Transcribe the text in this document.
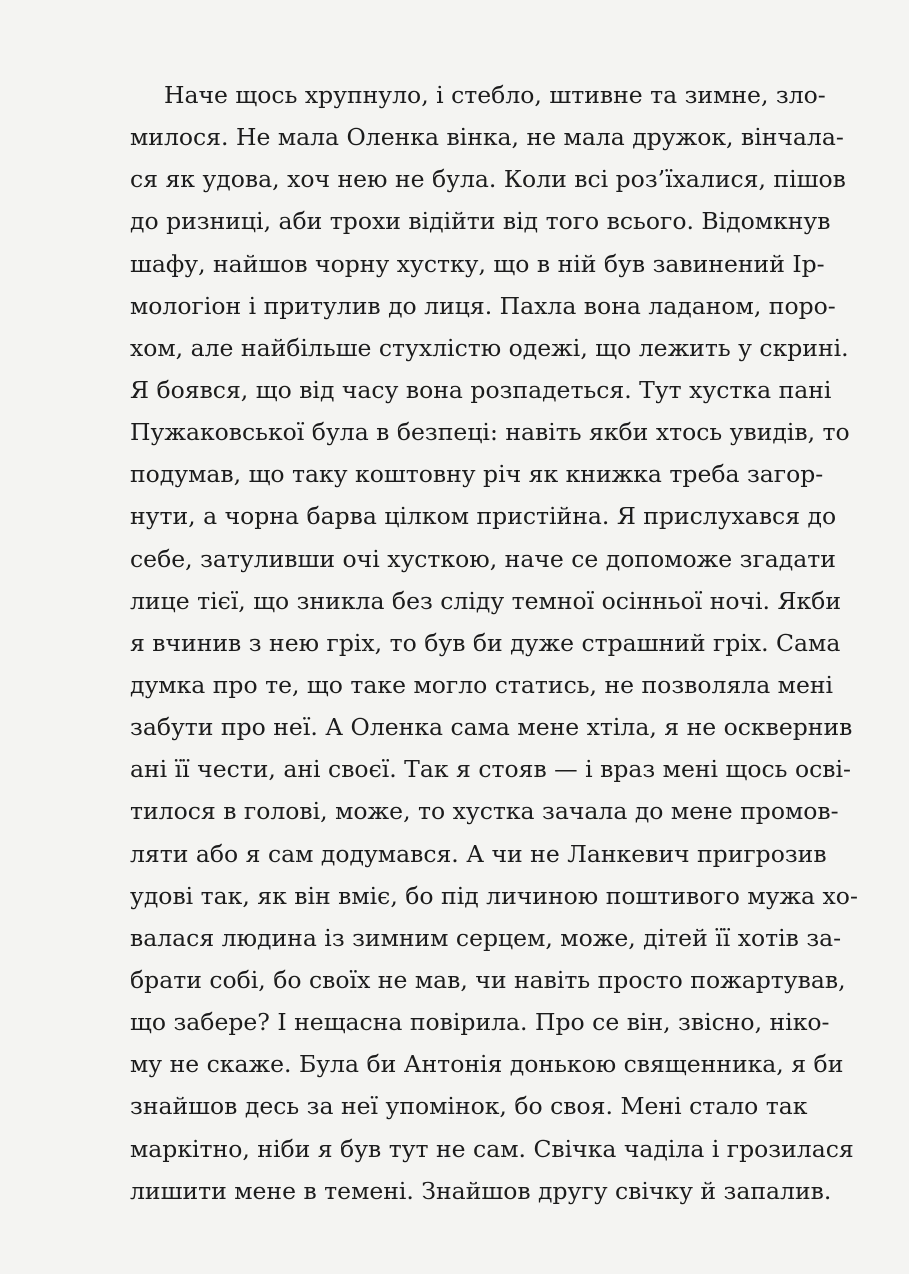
Наче щось хрупнуло, і стебло, штивне та зимне, зло-
милося. Не мала Оленка вінка, не мала дружок, вінчала-
ся як удова, хоч нею не була. Коли всі роз’їхалися, пішов
до ризниці, аби трохи відійти від того всього. Відомкнув
шафу, найшов чорну хустку, що в ній був завинений Ір-
мологіон і притулив до лиця. Пахла вона ладаном, поро-
хом, але найбільше стухлістю одежі, що лежить у скрині.
Я боявся, що від часу вона розпадеться. Тут хустка пані
Пужаковської була в безпеці: навіть якби хтось увидів, то
подумав, що таку коштовну річ як книжка треба загор-
нути, а чорна барва цілком пристійна. Я прислухався до
себе, затуливши очі хусткою, наче се допоможе згадати
лице тієї, що зникла без сліду темної осінньої ночі. Якби
я вчинив з нею гріх, то був би дуже страшний гріх. Сама
думка про те, що таке могло статись, не позволяла мені
забути про неї. А Оленка сама мене хтіла, я не осквернив
ані її чести, ані своєї. Так я стояв — і враз мені щось осві-
тилося в голові, може, то хустка зачала до мене промов-
ляти або я сам додумався. А чи не Ланкевич пригрозив
удові так, як він вміє, бо під личиною поштивого мужа хо-
валася людина із зимним серцем, може, дітей її хотів за-
брати собі, бо своїх не мав, чи навіть просто пожартував,
що забере? І нещасна повірила. Про се він, звісно, ніко-
му не скаже. Була би Антонія донькою священника, я би
знайшов десь за неї упомінок, бо своя. Мені стало так
маркітно, ніби я був тут не сам. Свічка чаділа і грозилася
лишити мене в темені. Знайшов другу свічку й запалив.
